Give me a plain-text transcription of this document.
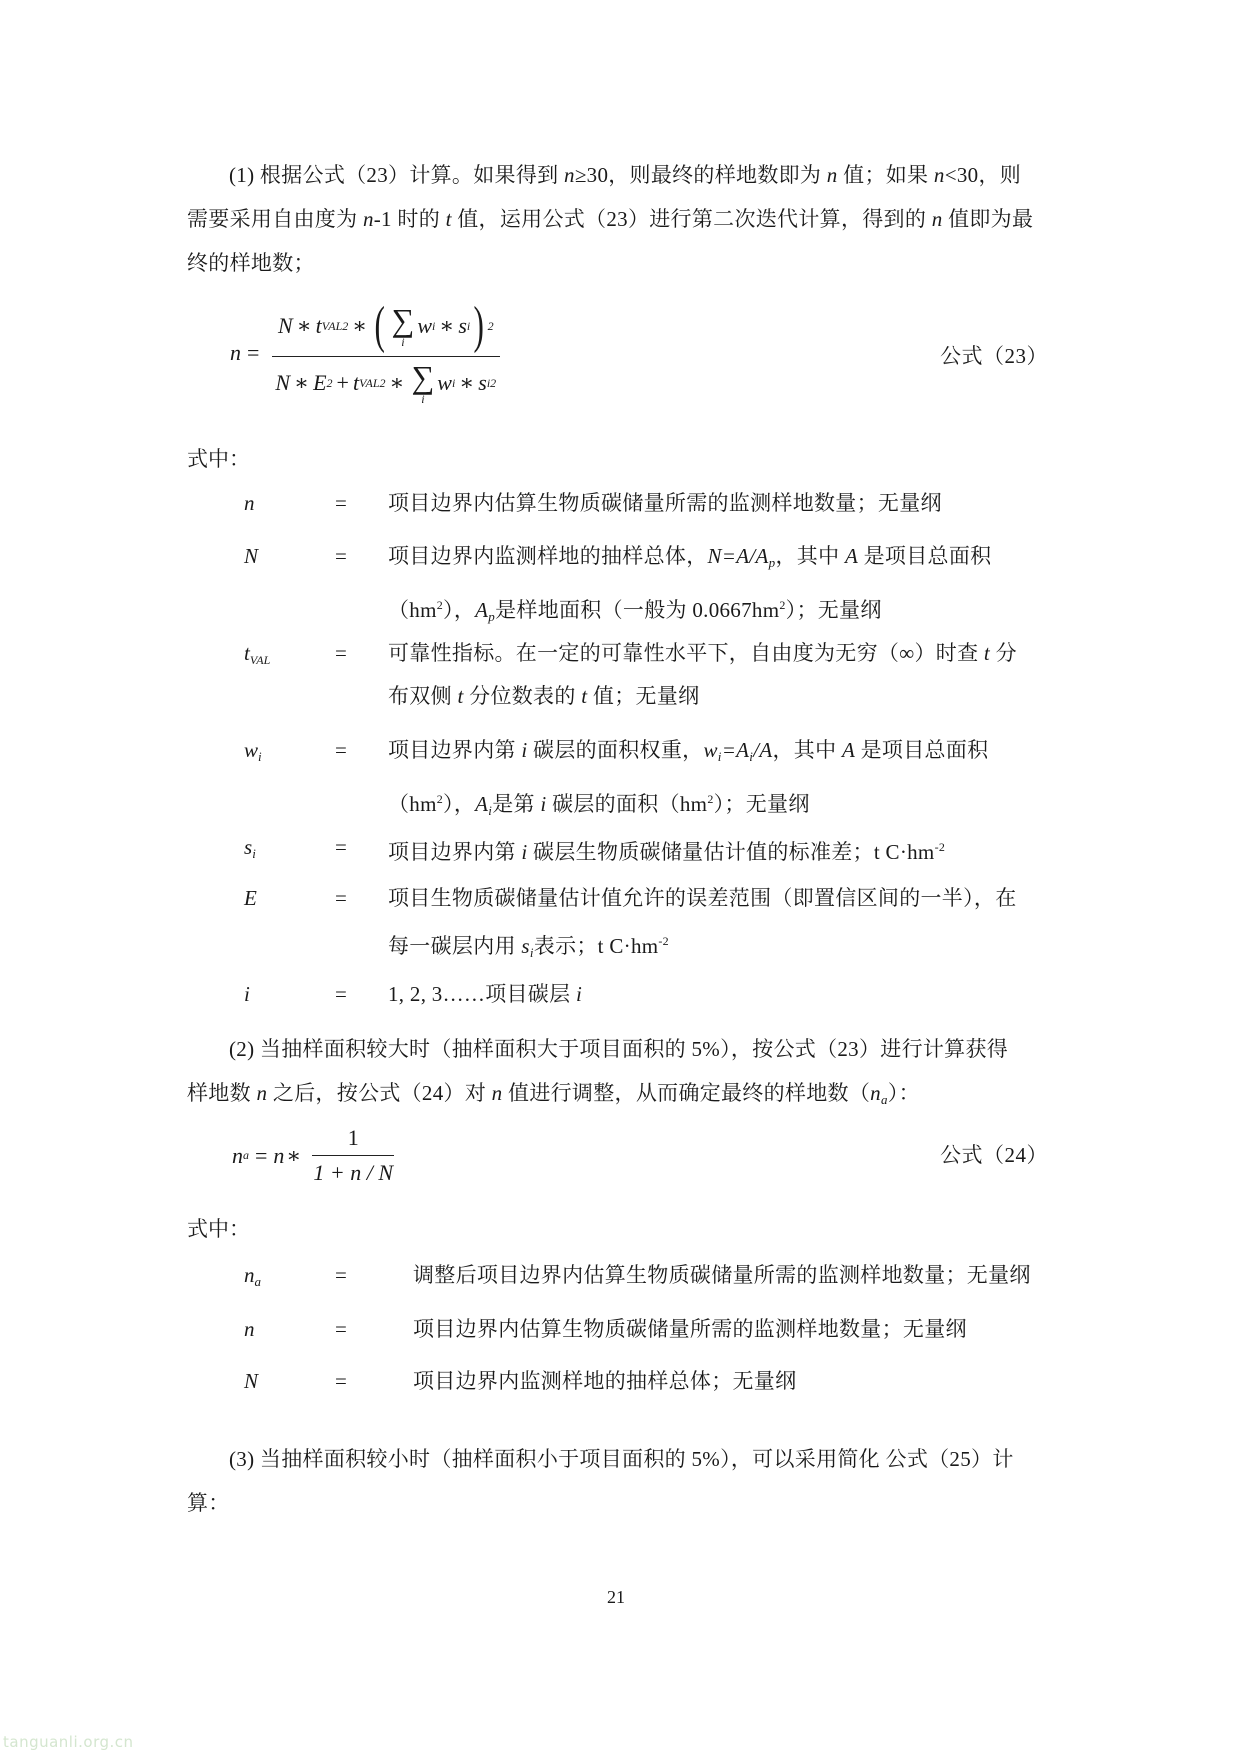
(1) 根据公式（23）计算。如果得到 n≥30，则最终的样地数即为 n 值；如果 n<30，则
需要采用自由度为 n-1 时的 t 值，运用公式（23）进行第二次迭代计算，得到的 n 值即为最
终的样地数；
n =
N ∗ t VAL 2 ∗ ( ∑
i
w i ∗ s i ) 2
N ∗ E 2 + t VAL 2 ∗ ∑
i
w i ∗ s i 2
公式（23）
式中：
n	= 项目边界内估算生物质碳储量所需的监测样地数量；无量纲
N	= 项目边界内监测样地的抽样总体，N=A/Ap，其中 A 是项目总面积
$(hm^2)$，Ap是样地面积（一般为 $0.0667hm^2$）；无量纲
tVAL	= 可靠性指标。在一定的可靠性水平下，自由度为无穷（∞）时查 t 分
布双侧 t 分位数表的 t 值；无量纲
wi	= 项目边界内第 i 碳层的面积权重，wi=Ai/A，其中 A 是项目总面积
$(hm^2)$，Ai是第 i 碳层的面积$(hm^2)$；无量纲
si	= 项目边界内第 i 碳层生物质碳储量估计值的标准差；t $C\cdot hm^{-2}$
E	= 项目生物质碳储量估计值允许的误差范围（即置信区间的一半），在
每一碳层内用 si表示；t $C\cdot hm^{-2}$
i	= 1, 2, 3……项目碳层 i
(2) 当抽样面积较大时（抽样面积大于项目面积的 5%），按公式（23）进行计算获得
样地数 n 之后，按公式（24）对 n 值进行调整，从而确定最终的样地数（na）：
n a = n ∗ $\frac{1}{1 + n / N}$	公式（24）
式中：
na	=	调整后项目边界内估算生物质碳储量所需的监测样地数量；无量纲
n	=	项目边界内估算生物质碳储量所需的监测样地数量；无量纲
N	=	项目边界内监测样地的抽样总体；无量纲
(3) 当抽样面积较小时（抽样面积小于项目面积的 5%），可以采用简化 公式（25）计
算：
21
tanguanli.org.cn
